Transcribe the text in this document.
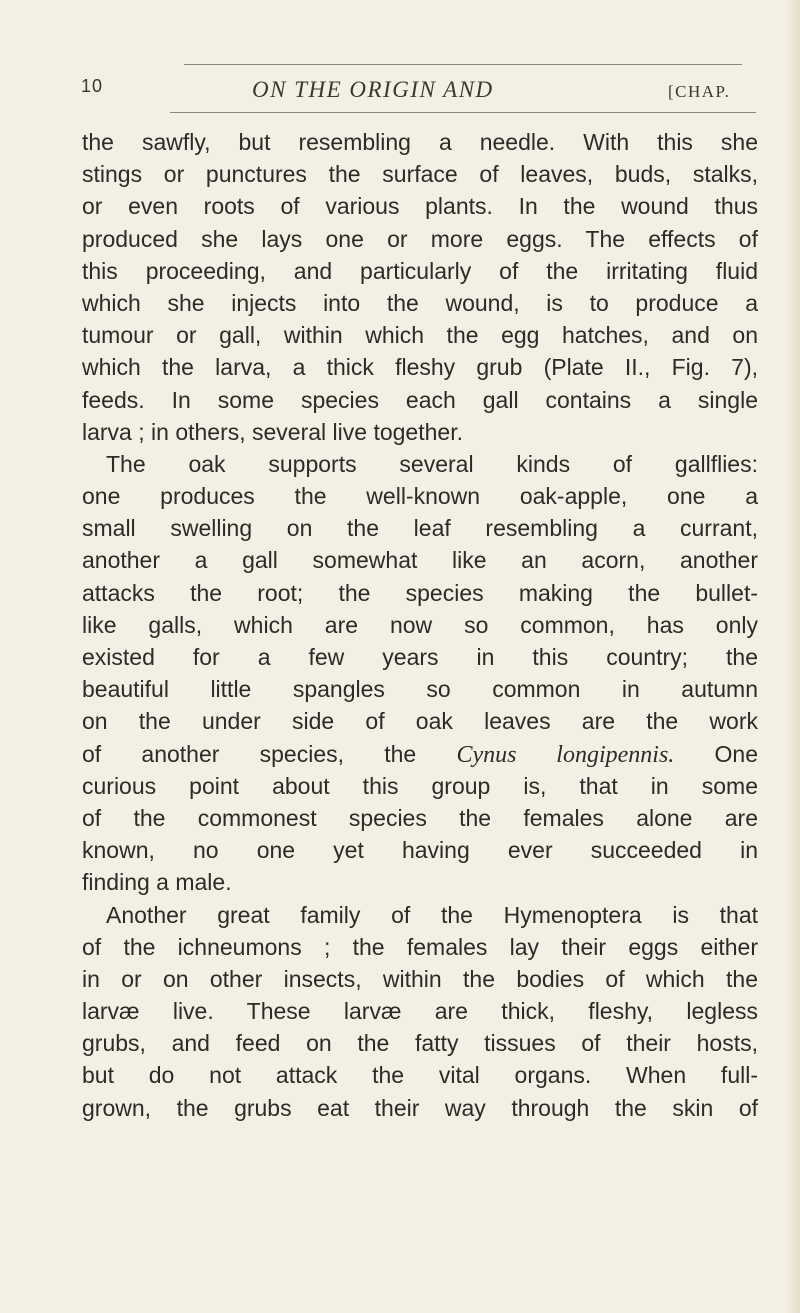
10	ON THE ORIGIN AND	[CHAP.
the sawfly, but resembling a needle. With this she
stings or punctures the surface of leaves, buds, stalks,
or even roots of various plants. In the wound thus
produced she lays one or more eggs. The effects of
this proceeding, and particularly of the irritating fluid
which she injects into the wound, is to produce a
tumour or gall, within which the egg hatches, and on
which the larva, a thick fleshy grub (Plate II., Fig. 7),
feeds. In some species each gall contains a single
larva ; in others, several live together.
The oak supports several kinds of gallflies:
one produces the well-known oak-apple, one a
small swelling on the leaf resembling a currant,
another a gall somewhat like an acorn, another
attacks the root; the species making the bullet-
like galls, which are now so common, has only
existed for a few years in this country; the
beautiful little spangles so common in autumn
on the under side of oak leaves are the work
of another species, the Cynus longipennis. One
curious point about this group is, that in some
of the commonest species the females alone are
known, no one yet having ever succeeded in
finding a male.
Another great family of the Hymenoptera is that
of the ichneumons ; the females lay their eggs either
in or on other insects, within the bodies of which the
larvæ live. These larvæ are thick, fleshy, legless
grubs, and feed on the fatty tissues of their hosts,
but do not attack the vital organs. When full-
grown, the grubs eat their way through the skin of
